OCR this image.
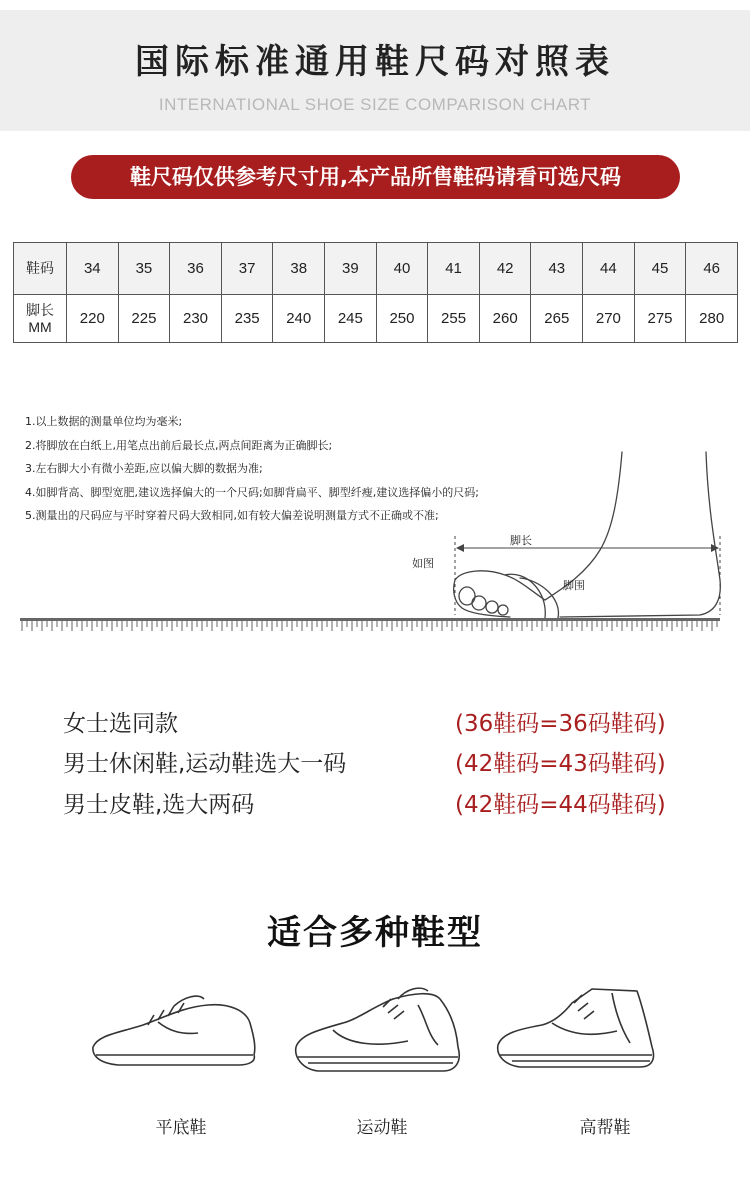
国际标准通用鞋尺码对照表
INTERNATIONAL SHOE SIZE COMPARISON CHART
鞋尺码仅供参考尺寸用,本产品所售鞋码请看可选尺码
鞋码	34	35	36	37	38	39	40	41	42	43	44	45	46
脚长
MM	220	225	230	235	240	245	250	255	260	265	270	275	280
1.以上数据的测量单位均为毫米;
2.将脚放在白纸上,用笔点出前后最长点,两点间距离为正确脚长;
3.左右脚大小有微小差距,应以偏大脚的数据为准;
4.如脚背高、脚型宽肥,建议选择偏大的一个尺码;如脚背扁平、脚型纤瘦,建议选择偏小的尺码;
5.测量出的尺码应与平时穿着尺码大致相同,如有较大偏差说明测量方式不正确或不准;
脚长
如图
脚围
女士选同款	(36鞋码=36码鞋码)
男士休闲鞋,运动鞋选大一码	(42鞋码=43码鞋码)
男士皮鞋,选大两码	(42鞋码=44码鞋码)
适合多种鞋型
平底鞋	运动鞋	高帮鞋
